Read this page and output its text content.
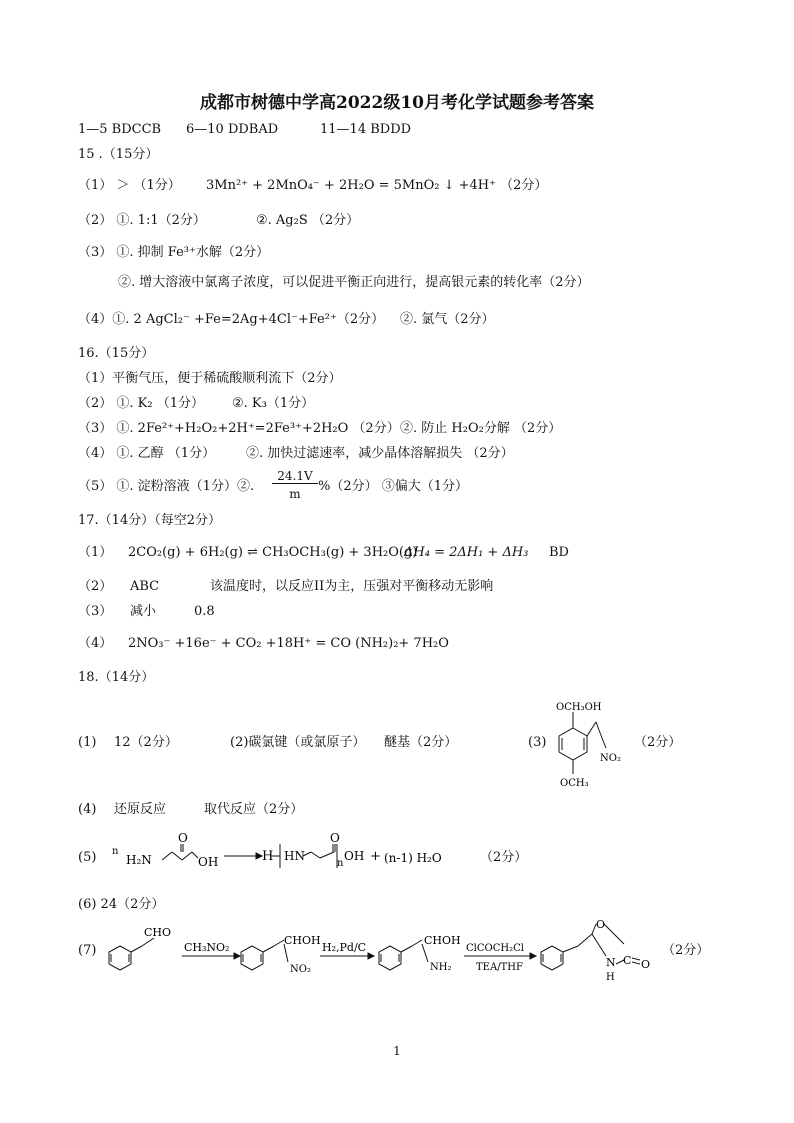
成都市树德中学高2022级10月考化学试题参考答案
1—5 BDCCB 6—10 DDBAD	11—14 BDDD
15 .（15分）
（1） ＞ （1分） 3Mn²⁺ + 2MnO₄⁻ + 2H₂O = 5MnO₂ ↓ +4H⁺ （2分）
（2） ①. 1:1（2分）	②. Ag₂S （2分）
（3） ①. 抑制 Fe³⁺水解（2分）
②. 增大溶液中氯离子浓度，可以促进平衡正向进行，提高银元素的转化率（2分）
（4）①. 2 AgCl₂⁻ +Fe=2Ag+4Cl⁻+Fe²⁺（2分） ②. 氯气（2分）
16.（15分）
（1）平衡气压，便于稀硫酸顺利流下（2分）
（2） ①. K₂ （1分） ②. K₃（1分）
（3） ①. 2Fe²⁺+H₂O₂+2H⁺=2Fe³⁺+2H₂O （2分） ②. 防止 H₂O₂分解 （2分）
（4） ①. 乙醇 （1分） ②. 加快过滤速率，减少晶体溶解损失 （2分）
（5） ①. 淀粉溶液（1分）②.
24.1V
m	%（2分） ③偏大（1分）
17.（14分）（每空2分）
（1） 2CO₂(g) + 6H₂(g) ⇌ CH₃OCH₃(g) + 3H₂O(g)
ΔH₄ = 2ΔH₁ + ΔH₃ BD
（2） ABC	该温度时，以反应II为主，压强对平衡移动无影响
（3） 减小	0.8
（4） 2NO₃⁻ +16e⁻ + CO₂ +18H⁺ = CO (NH₂)₂+ 7H₂O
18.（14分）
(1) 12（2分）	(2)碳氯键（或氯原子） 醚基（2分）	(3)	（2分）
OCH₃OH
NO₂
OCH₃
(4) 还原反应	取代反应（2分）
(5) n
H₂N
O
OH	H HN
O
n
OH + (n-1) H₂O	（2分）
(6) 24（2分）
(7)
CHO
CH₃NO₂
CHOH
NO₂
H₂,Pd/C
CHOH
NH₂
ClCOCH₂Cl
TEA/THF
O
N
H
C O
（2分）
1
